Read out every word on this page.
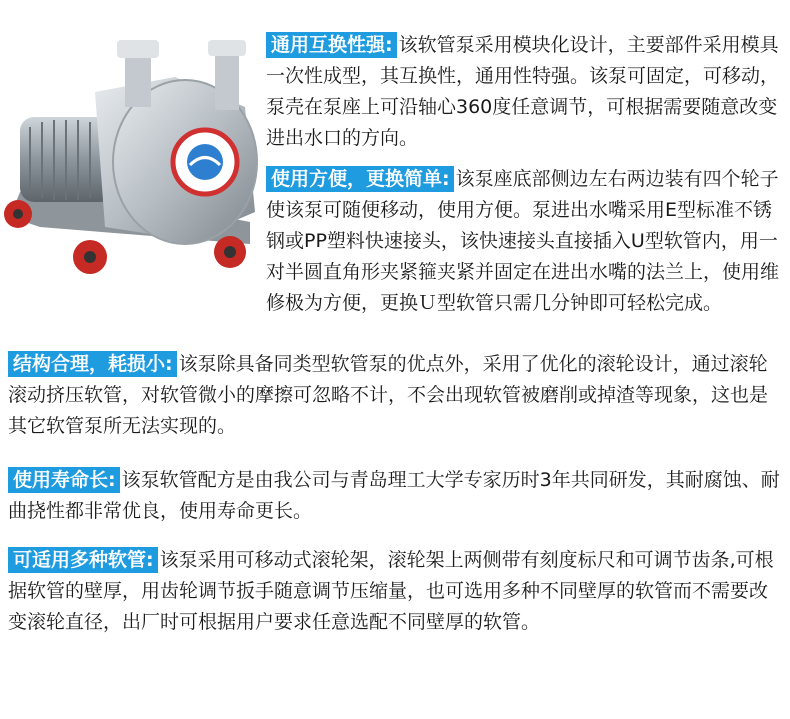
通用互换性强: 该软管泵采用模块化设计，主要部件采用模具一次性成型，其互换性，通用性特强。该泵可固定，可移动，泵壳在泵座上可沿轴心360度任意调节，可根据需要随意改变进出水口的方向。
使用方便，更换简单: 该泵座底部侧边左右两边装有四个轮子使该泵可随便移动，使用方便。泵进出水嘴采用E型标准不锈钢或PP塑料快速接头，该快速接头直接插入U型软管内，用一对半圆直角形夹紧箍夹紧并固定在进出水嘴的法兰上，使用维修极为方便，更换Ｕ型软管只需几分钟即可轻松完成。
结构合理，耗损小: 该泵除具备同类型软管泵的优点外，采用了优化的滚轮设计，通过滚轮滚动挤压软管，对软管微小的摩擦可忽略不计，不会出现软管被磨削或掉渣等现象，这也是其它软管泵所无法实现的。
使用寿命长: 该泵软管配方是由我公司与青岛理工大学专家历时3年共同研发，其耐腐蚀、耐曲挠性都非常优良，使用寿命更长。
可适用多种软管: 该泵采用可移动式滚轮架，滚轮架上两侧带有刻度标尺和可调节齿条,可根据软管的壁厚，用齿轮调节扳手随意调节压缩量，也可选用多种不同壁厚的软管而不需要改变滚轮直径，出厂时可根据用户要求任意选配不同壁厚的软管。
